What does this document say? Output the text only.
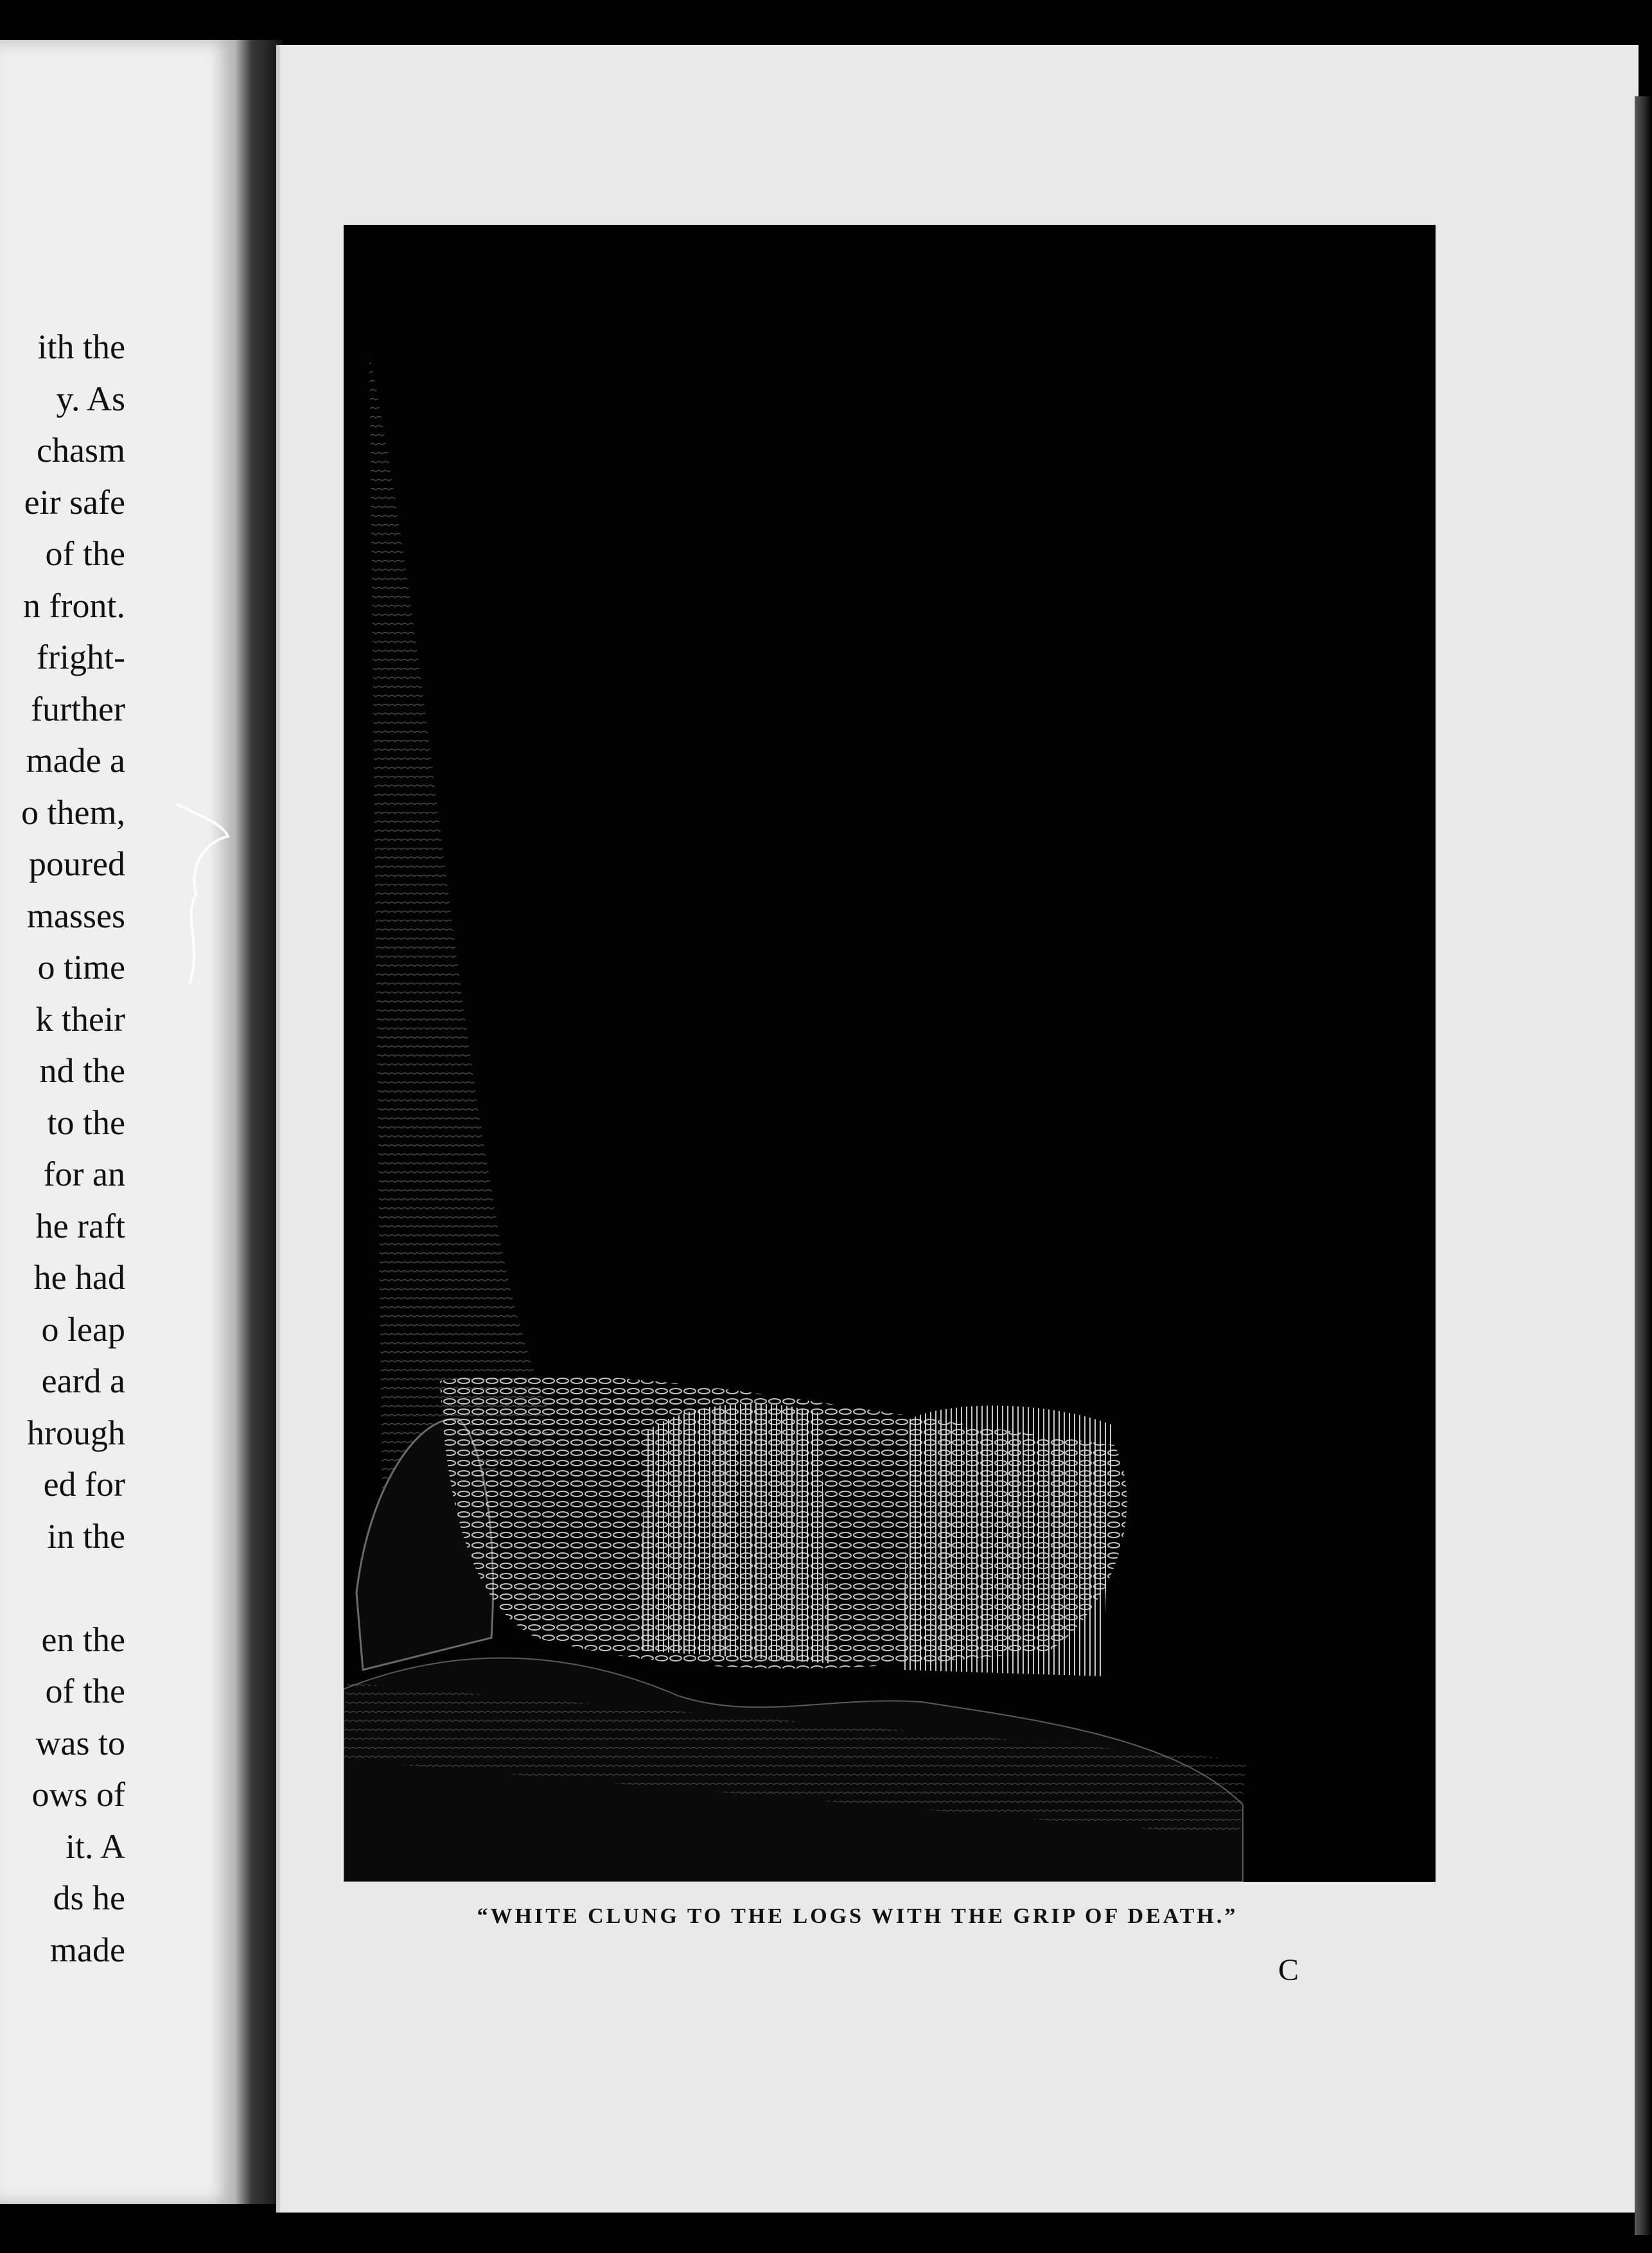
ith the
y. As
chasm
eir safe
of the
n front.
fright-
further
made a
o them,
poured
masses
o time
k their
nd the
to the
for an
he raft
he had
o leap
eard a
hrough
ed for
in the
en the
of the
was to
ows of
it. A
ds he
made
“WHITE CLUNG TO THE LOGS WITH THE GRIP OF DEATH.”
C
